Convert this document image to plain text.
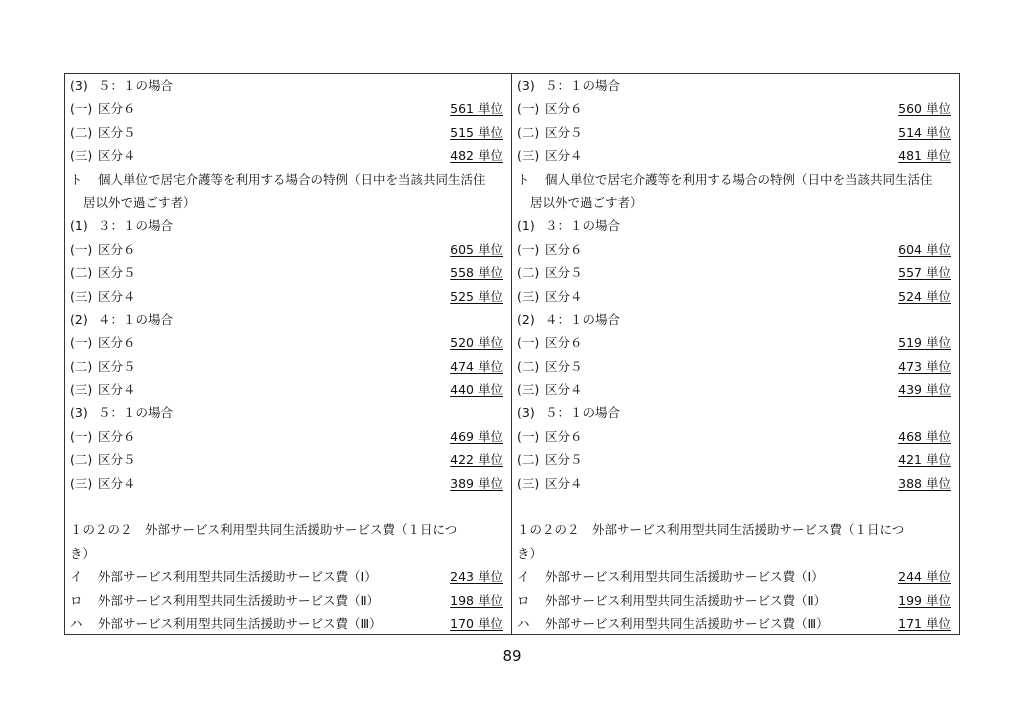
(3) ５：１の場合
(一) 区分６	561 単位
(二) 区分５	515 単位
(三) 区分４	482 単位
ト 個人単位で居宅介護等を利用する場合の特例（日中を当該共同生活住
居以外で過ごす者）
(1) ３：１の場合
(一) 区分６	605 単位
(二) 区分５	558 単位
(三) 区分４	525 単位
(2) ４：１の場合
(一) 区分６	520 単位
(二) 区分５	474 単位
(三) 区分４	440 単位
(3) ５：１の場合
(一) 区分６	469 単位
(二) 区分５	422 単位
(三) 区分４	389 単位
１の２の２　外部サービス利用型共同生活援助サービス費（１日につ
き）
イ 外部サービス利用型共同生活援助サービス費（Ⅰ）	243 単位
ロ 外部サービス利用型共同生活援助サービス費（Ⅱ）	198 単位
ハ 外部サービス利用型共同生活援助サービス費（Ⅲ）	170 単位
(3) ５：１の場合
(一) 区分６	560 単位
(二) 区分５	514 単位
(三) 区分４	481 単位
ト 個人単位で居宅介護等を利用する場合の特例（日中を当該共同生活住
居以外で過ごす者）
(1) ３：１の場合
(一) 区分６	604 単位
(二) 区分５	557 単位
(三) 区分４	524 単位
(2) ４：１の場合
(一) 区分６	519 単位
(二) 区分５	473 単位
(三) 区分４	439 単位
(3) ５：１の場合
(一) 区分６	468 単位
(二) 区分５	421 単位
(三) 区分４	388 単位
１の２の２　外部サービス利用型共同生活援助サービス費（１日につ
き）
イ 外部サービス利用型共同生活援助サービス費（Ⅰ）	244 単位
ロ 外部サービス利用型共同生活援助サービス費（Ⅱ）	199 単位
ハ 外部サービス利用型共同生活援助サービス費（Ⅲ）	171 単位
89
